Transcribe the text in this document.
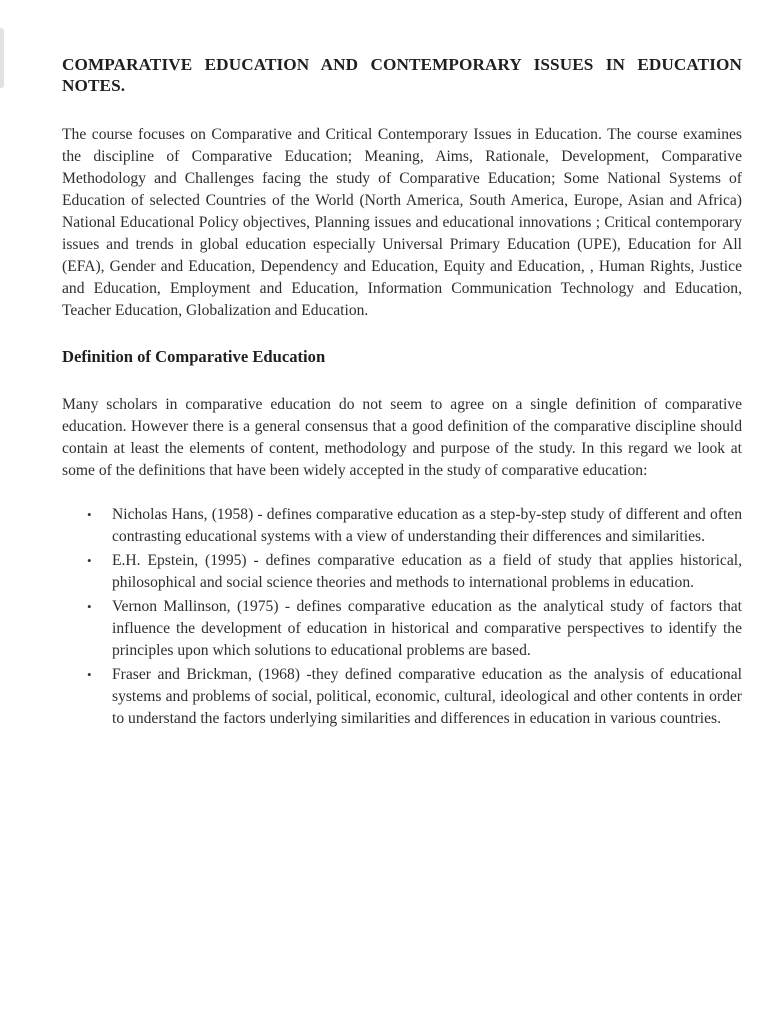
COMPARATIVE EDUCATION AND CONTEMPORARY ISSUES IN EDUCATION NOTES.

The course focuses on Comparative and Critical Contemporary Issues in Education. The course examines the discipline of Comparative Education; Meaning, Aims, Rationale, Development, Comparative Methodology and Challenges facing the study of Comparative Education; Some National Systems of Education of selected Countries of the World (North America, South America, Europe, Asian and Africa) National Educational Policy objectives, Planning issues and educational innovations ; Critical contemporary issues and trends in global education especially Universal Primary Education (UPE), Education for All (EFA), Gender and Education, Dependency and Education, Equity and Education, , Human Rights, Justice and Education, Employment and Education, Information Communication Technology and Education, Teacher Education, Globalization and Education.

Definition of Comparative Education

Many scholars in comparative education do not seem to agree on a single definition of comparative education. However there is a general consensus that a good definition of the comparative discipline should contain at least the elements of content, methodology and purpose of the study. In this regard we look at some of the definitions that have been widely accepted in the study of comparative education:

• Nicholas Hans, (1958) - defines comparative education as a step-by-step study of different and often contrasting educational systems with a view of understanding their differences and similarities.
• E.H. Epstein, (1995) - defines comparative education as a field of study that applies historical, philosophical and social science theories and methods to international problems in education.
• Vernon Mallinson, (1975) - defines comparative education as the analytical study of factors that influence the development of education in historical and comparative perspectives to identify the principles upon which solutions to educational problems are based.
• Fraser and Brickman, (1968) -they defined comparative education as the analysis of educational systems and problems of social, political, economic, cultural, ideological and other contents in order to understand the factors underlying similarities and differences in education in various countries.
